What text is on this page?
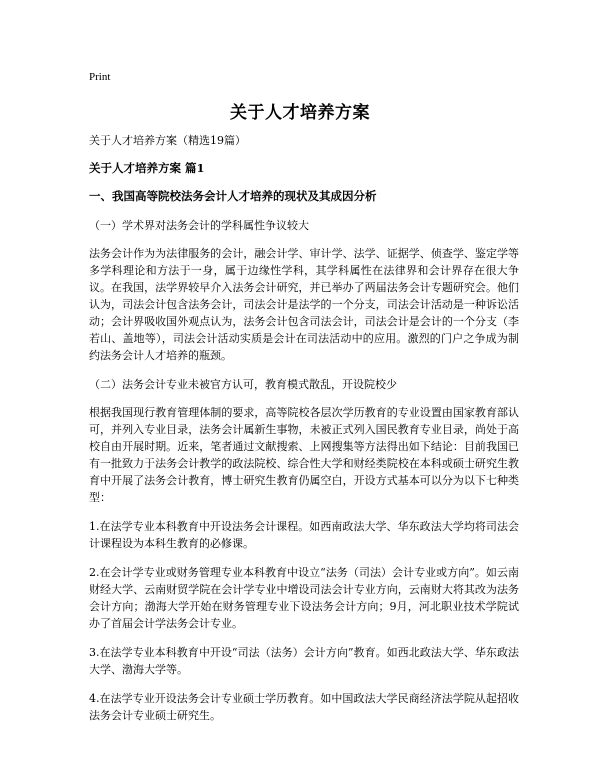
Print
关于人才培养方案

关于人才培养方案（精选19篇）

关于人才培养方案 篇1

一、我国高等院校法务会计人才培养的现状及其成因分析

（一）学术界对法务会计的学科属性争议较大

法务会计作为为法律服务的会计，融会计学、审计学、法学、证据学、侦查学、鉴定学等多学科理论和方法于一身，属于边缘性学科，其学科属性在法律界和会计界存在很大争议。在我国，法学界较早介入法务会计研究，并已举办了两届法务会计专题研究会。他们认为，司法会计包含法务会计，司法会计是法学的一个分支，司法会计活动是一种诉讼活动；会计界吸收国外观点认为，法务会计包含司法会计，司法会计是会计的一个分支（李若山、盖地等），司法会计活动实质是会计在司法活动中的应用。激烈的门户之争成为制约法务会计人才培养的瓶颈。

（二）法务会计专业未被官方认可，教育模式散乱，开设院校少

根据我国现行教育管理体制的要求，高等院校各层次学历教育的专业设置由国家教育部认可，并列入专业目录，法务会计属新生事物，未被正式列入国民教育专业目录，尚处于高校自由开展时期。近来，笔者通过文献搜索、上网搜集等方法得出如下结论：目前我国已有一批致力于法务会计教学的政法院校、综合性大学和财经类院校在本科或硕士研究生教育中开展了法务会计教育，博士研究生教育仍属空白，开设方式基本可以分为以下七种类型：

1.在法学专业本科教育中开设法务会计课程。如西南政法大学、华东政法大学均将司法会计课程设为本科生教育的必修课。

2.在会计学专业或财务管理专业本科教育中设立“法务（司法）会计专业或方向”。如云南财经大学、云南财贸学院在会计学专业中增设司法会计专业方向，云南财大将其改为法务会计方向；渤海大学开始在财务管理专业下设法务会计方向；9月，河北职业技术学院试办了首届会计学法务会计专业。

3.在法学专业本科教育中开设“司法（法务）会计方向”教育。如西北政法大学、华东政法大学、渤海大学等。

4.在法学专业开设法务会计专业硕士学历教育。如中国政法大学民商经济法学院从起招收法务会计专业硕士研究生。
